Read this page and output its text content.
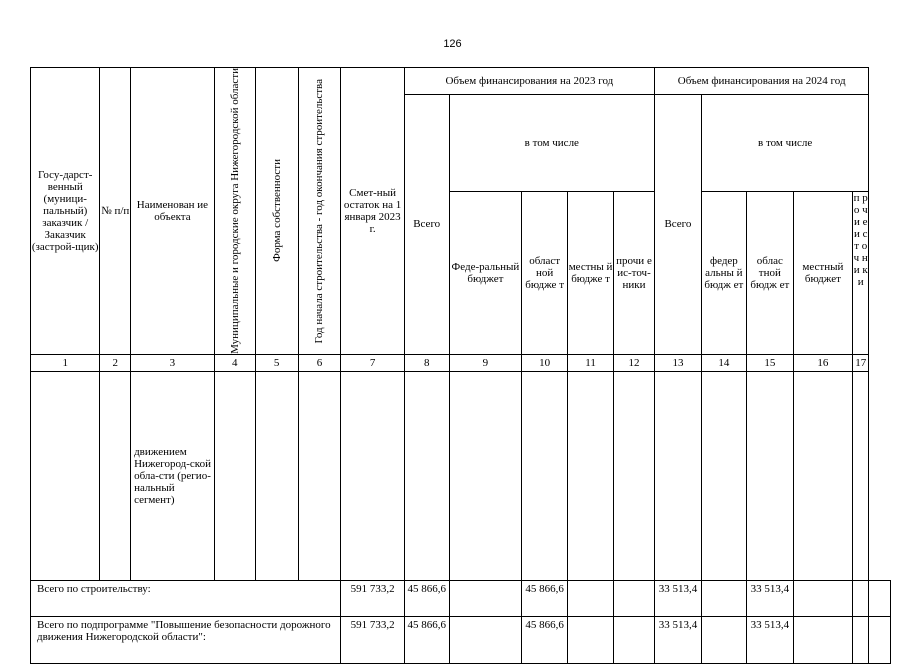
126
Госу-дарст-венный (муници-пальный) заказчик / Заказчик (застрой-щик)	№ п/п	Наименован ие объекта	Муниципальные и городские округа Нижегородской области	Форма собственности	Год начала строительства - год окончания строительства	Смет-ный остаток на 1 января 2023 г.	Объем финансирования на 2023 год					Объем финансирования на 2024 год					
							Всего	в том числе				Всего	в том числе				
								Феде-ральный бюджет	област ной бюдже т	местны й бюдже т	прочи е ис-точ-ники		федер альны й бюдж ет	облас тной бюдж ет	местный бюджет	п р о ч и е и с т о ч н и к и	
1	2	3	4	5	6	7	8	9	10	11	12	13	14	15	16	17	
		движением Нижегород-ской обла-сти (регио-нальный сегмент)															
Всего по строительству:						591 733,2	45 866,6		45 866,6			33 513,4		33 513,4			
Всего по подпрограмме "Повышение безопасности дорожного движения Нижегородской области":						591 733,2	45 866,6		45 866,6			33 513,4		33 513,4			
